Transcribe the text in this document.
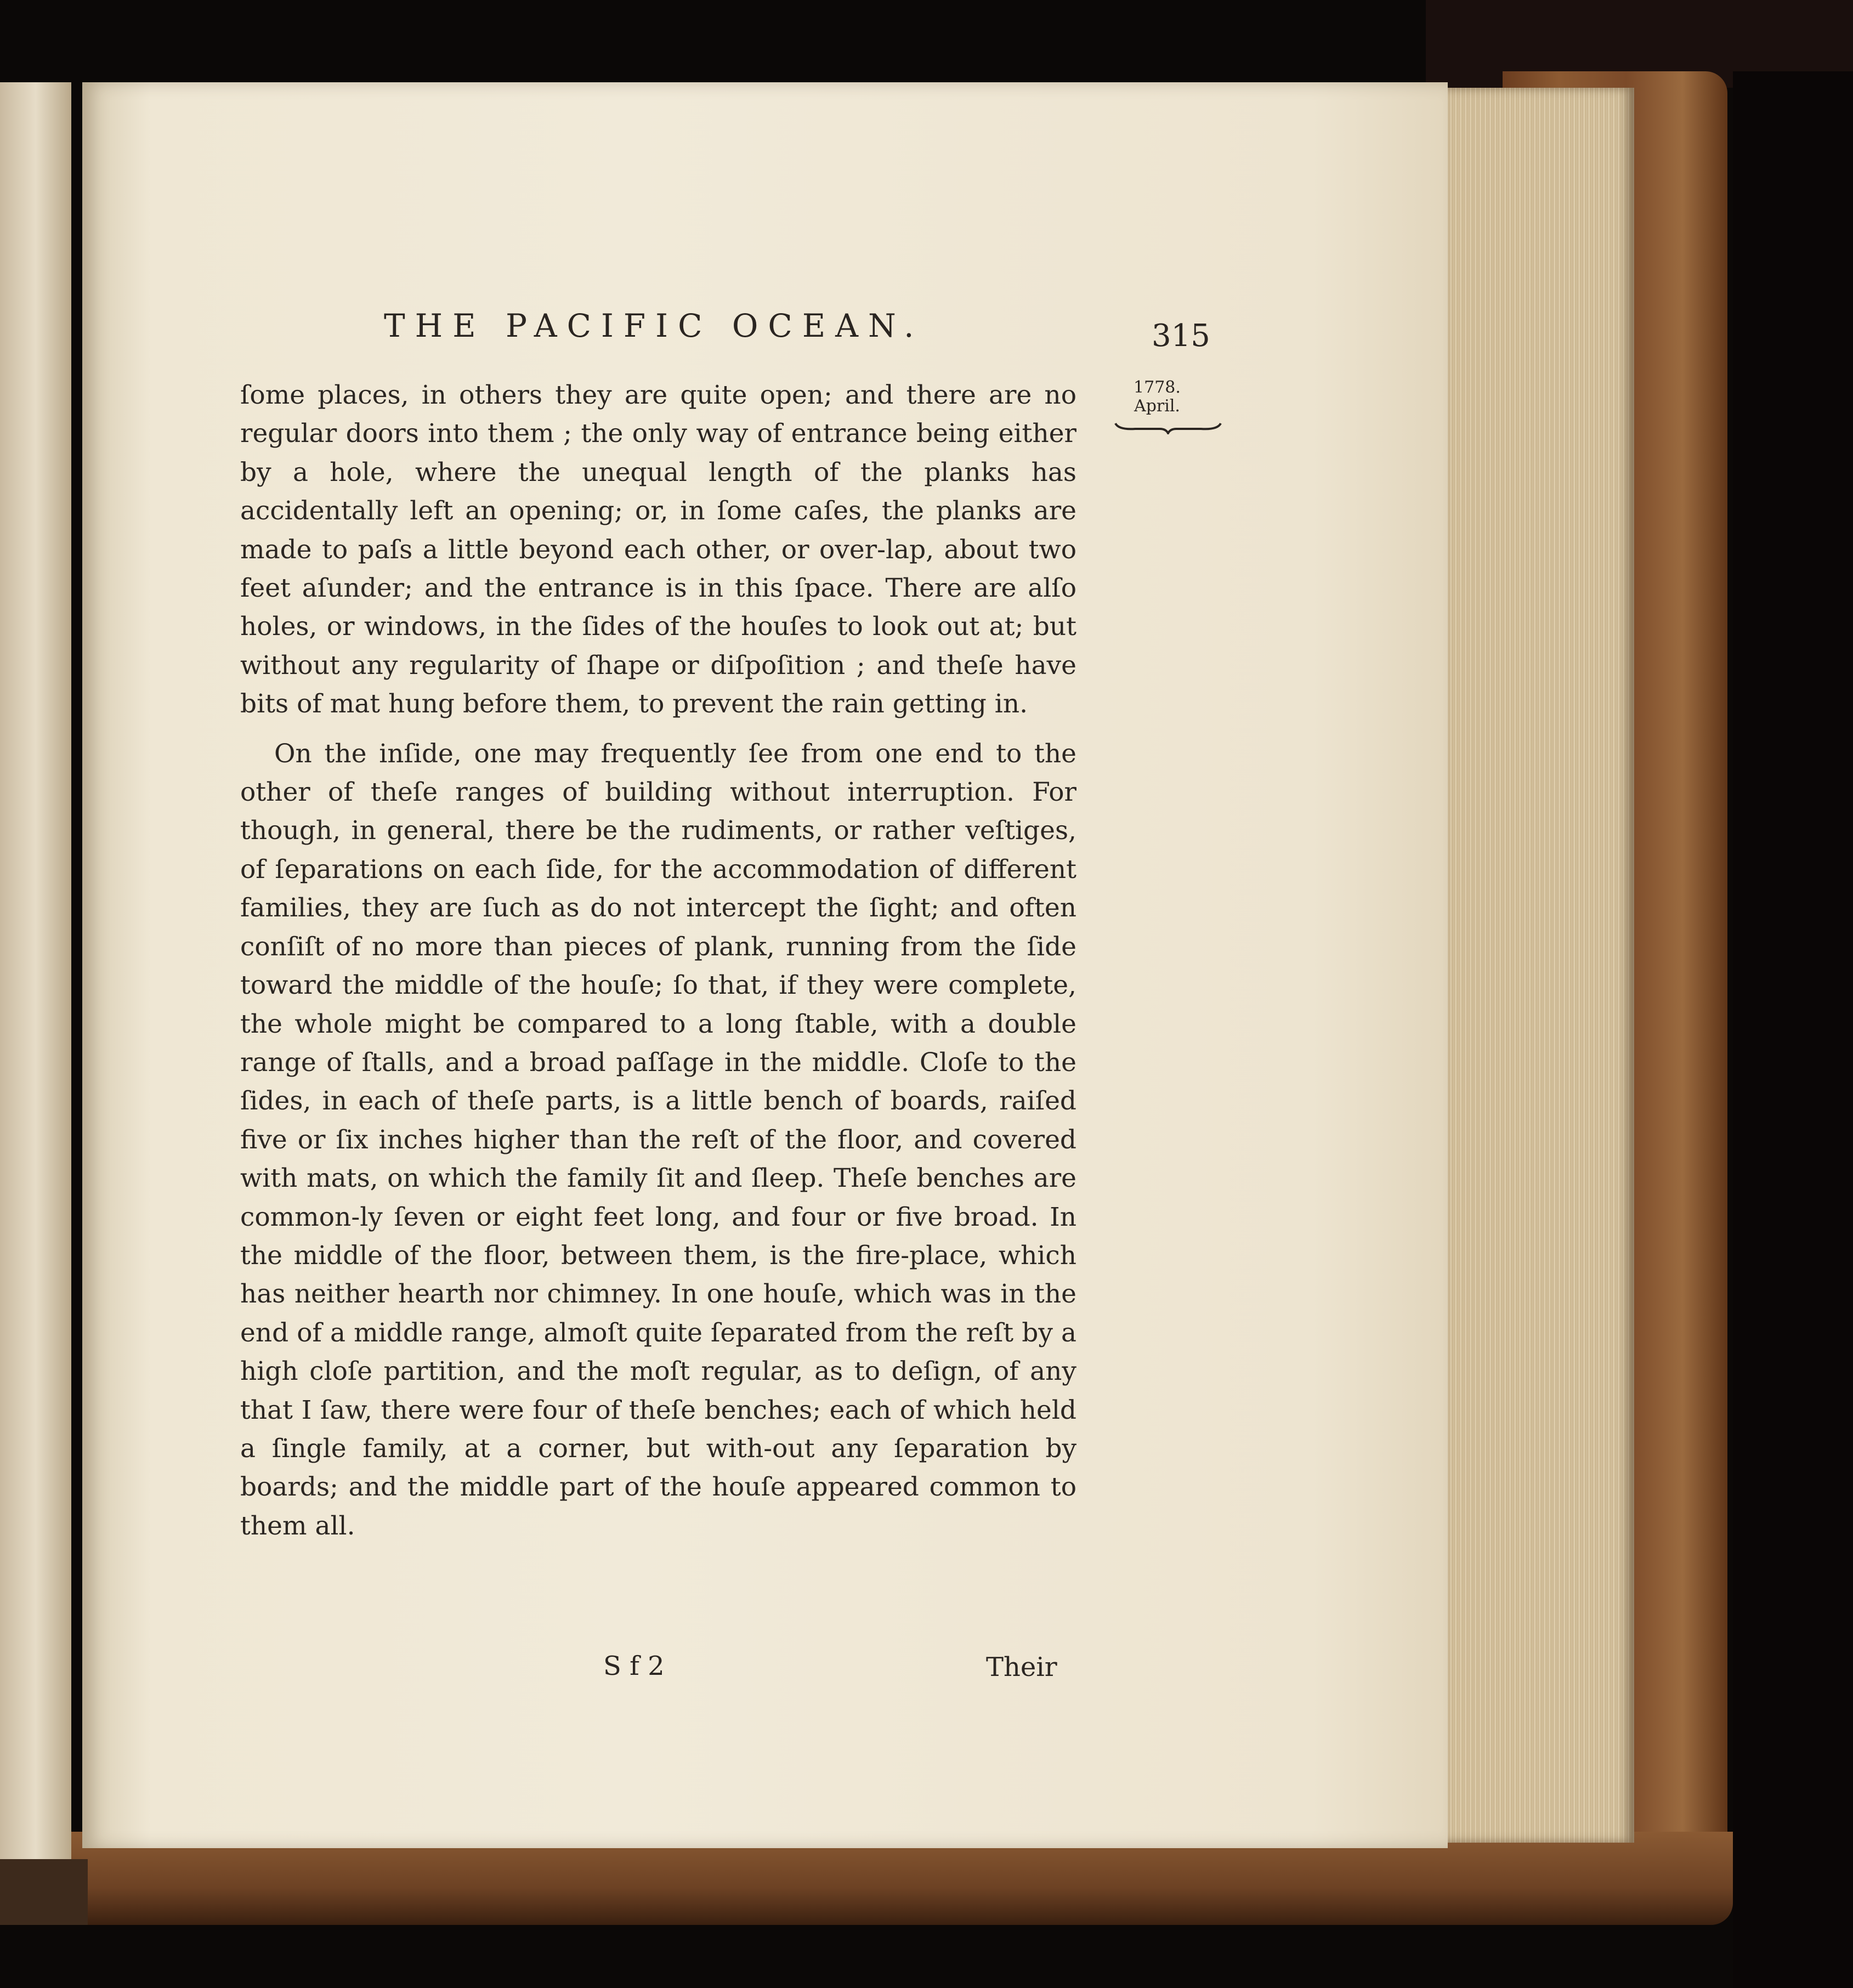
THE PACIFIC OCEAN.	315
1778.
April.

ſome places, in others they are quite open; and there are no regular doors into them ; the only way of entrance being either by a hole, where the unequal length of the planks has accidentally left an opening; or, in ſome caſes, the planks are made to paſs a little beyond each other, or over-lap, about two feet aſunder; and the entrance is in this ſpace. There are alſo holes, or windows, in the ſides of the houſes to look out at; but without any regularity of ſhape or diſpoſition ; and theſe have bits of mat hung before them, to prevent the rain getting in.

On the inſide, one may frequently ſee from one end to the other of theſe ranges of building without interruption. For though, in general, there be the rudiments, or rather veſtiges, of ſeparations on each ſide, for the accommodation of different families, they are ſuch as do not intercept the ſight; and often conſiſt of no more than pieces of plank, running from the ſide toward the middle of the houſe; ſo that, if they were complete, the whole might be compared to a long ſtable, with a double range of ſtalls, and a broad paſſage in the middle. Cloſe to the ſides, in each of theſe parts, is a little bench of boards, raiſed five or ſix inches higher than the reſt of the floor, and covered with mats, on which the family ſit and ſleep. Theſe benches are common-ly ſeven or eight feet long, and four or five broad. In the middle of the floor, between them, is the fire-place, which has neither hearth nor chimney. In one houſe, which was in the end of a middle range, almoſt quite ſeparated from the reſt by a high cloſe partition, and the moſt regular, as to deſign, of any that I ſaw, there were four of theſe benches; each of which held a ſingle family, at a corner, but with-out any ſeparation by boards; and the middle part of the houſe appeared common to them all.

S f 2	Their
